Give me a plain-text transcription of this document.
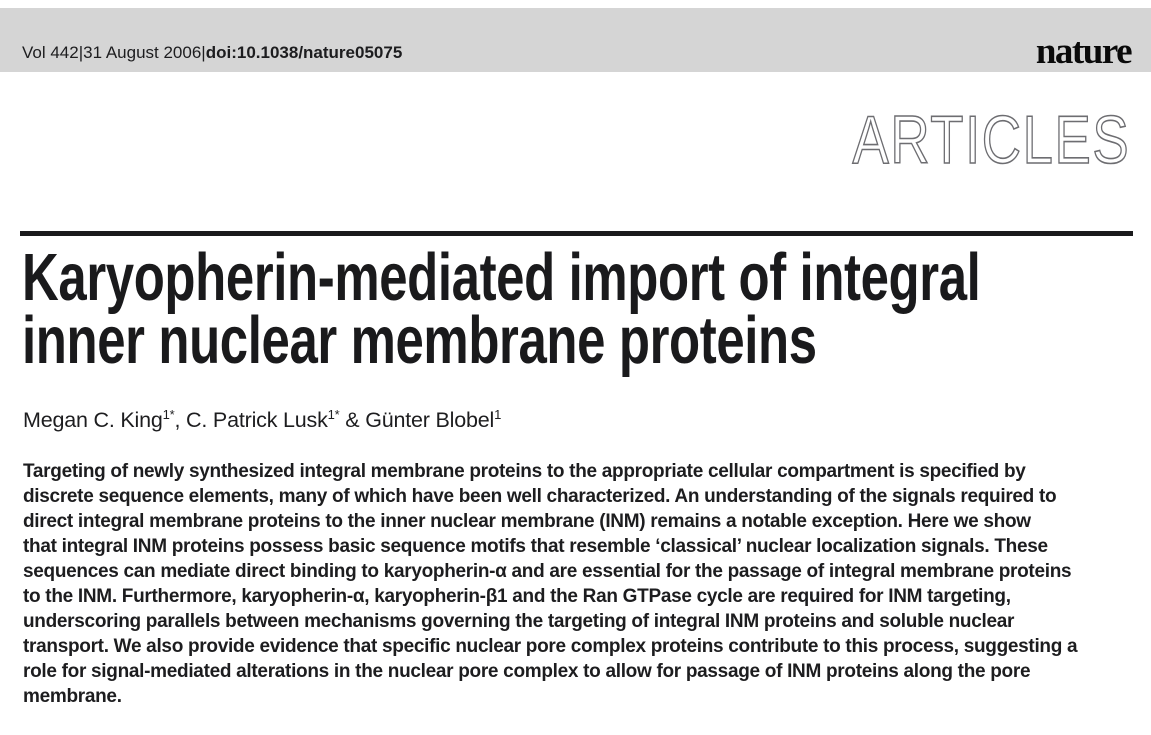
Vol 442|31 August 2006|doi:10.1038/nature05075	nature
ARTICLES
Karyopherin-mediated import of integral
inner nuclear membrane proteins
Megan C. King$^{1*}$, C. Patrick Lusk$^{1*}$ & Günter Blobel$^1$
Targeting of newly synthesized integral membrane proteins to the appropriate cellular compartment is specified by
discrete sequence elements, many of which have been well characterized. An understanding of the signals required to
direct integral membrane proteins to the inner nuclear membrane (INM) remains a notable exception. Here we show
that integral INM proteins possess basic sequence motifs that resemble ‘classical’ nuclear localization signals. These
sequences can mediate direct binding to karyopherin-α and are essential for the passage of integral membrane proteins
to the INM. Furthermore, karyopherin-α, karyopherin-β1 and the Ran GTPase cycle are required for INM targeting,
underscoring parallels between mechanisms governing the targeting of integral INM proteins and soluble nuclear
transport. We also provide evidence that specific nuclear pore complex proteins contribute to this process, suggesting a
role for signal-mediated alterations in the nuclear pore complex to allow for passage of INM proteins along the pore
membrane.
